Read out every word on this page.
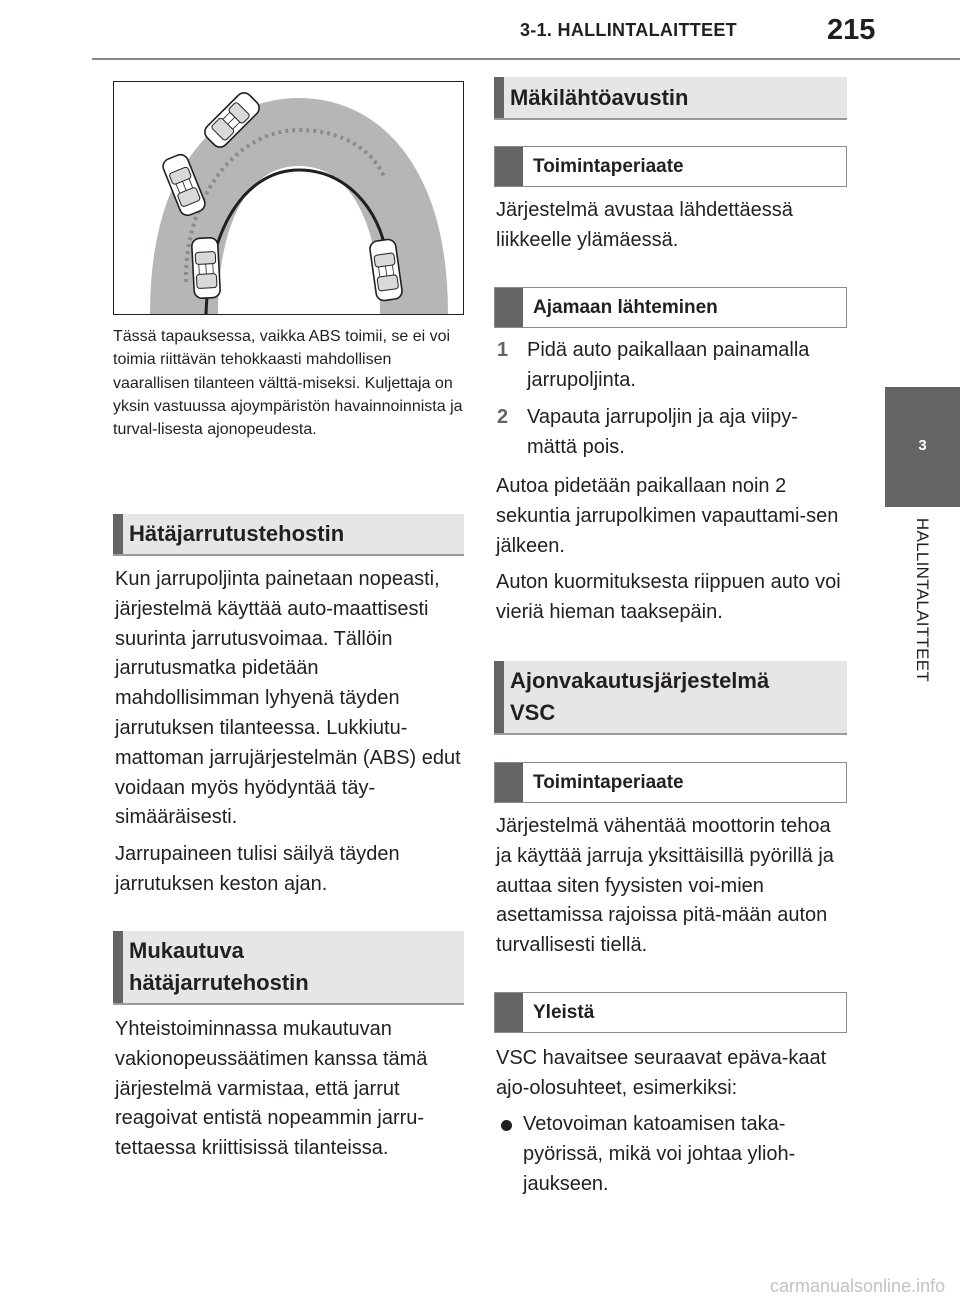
3-1. HALLINTALAITTEET	215
3
HALLINTALAITTEET
Tässä tapauksessa, vaikka ABS toimii, se ei voi toimia riittävän tehokkaasti mahdollisen vaarallisen tilanteen välttä-miseksi. Kuljettaja on yksin vastuussa ajoympäristön havainnoinnista ja turval-lisesta ajonopeudesta.
Hätäjarrutustehostin
Kun jarrupoljinta painetaan nopeasti, järjestelmä käyttää auto-maattisesti suurinta jarrutusvoimaa. Tällöin jarrutusmatka pidetään mahdollisimman lyhyenä täyden jarrutuksen tilanteessa. Lukkiutu-mattoman jarrujärjestelmän (ABS) edut voidaan myös hyödyntää täy-simääräisesti.
Jarrupaineen tulisi säilyä täyden jarrutuksen keston ajan.
Mukautuva
hätäjarrutehostin
Yhteistoiminnassa mukautuvan vakionopeussäätimen kanssa tämä järjestelmä varmistaa, että jarrut reagoivat entistä nopeammin jarru-tettaessa kriittisissä tilanteissa.
Mäkilähtöavustin
Toimintaperiaate
Järjestelmä avustaa lähdettäessä liikkeelle ylämäessä.
Ajamaan lähteminen
1 Pidä auto paikallaan painamalla jarrupoljinta.
2 Vapauta jarrupoljin ja aja viipy-mättä pois.
Autoa pidetään paikallaan noin 2 sekuntia jarrupolkimen vapauttami-sen jälkeen.
Auton kuormituksesta riippuen auto voi vieriä hieman taaksepäin.
Ajonvakautusjärjestelmä
VSC
Toimintaperiaate
Järjestelmä vähentää moottorin tehoa ja käyttää jarruja yksittäisillä pyörillä ja auttaa siten fyysisten voi-mien asettamissa rajoissa pitä-mään auton turvallisesti tiellä.
Yleistä
VSC havaitsee seuraavat epäva-kaat ajo-olosuhteet, esimerkiksi:
Vetovoiman katoamisen taka-pyörissä, mikä voi johtaa ylioh-jaukseen.
carmanualsonline.info
